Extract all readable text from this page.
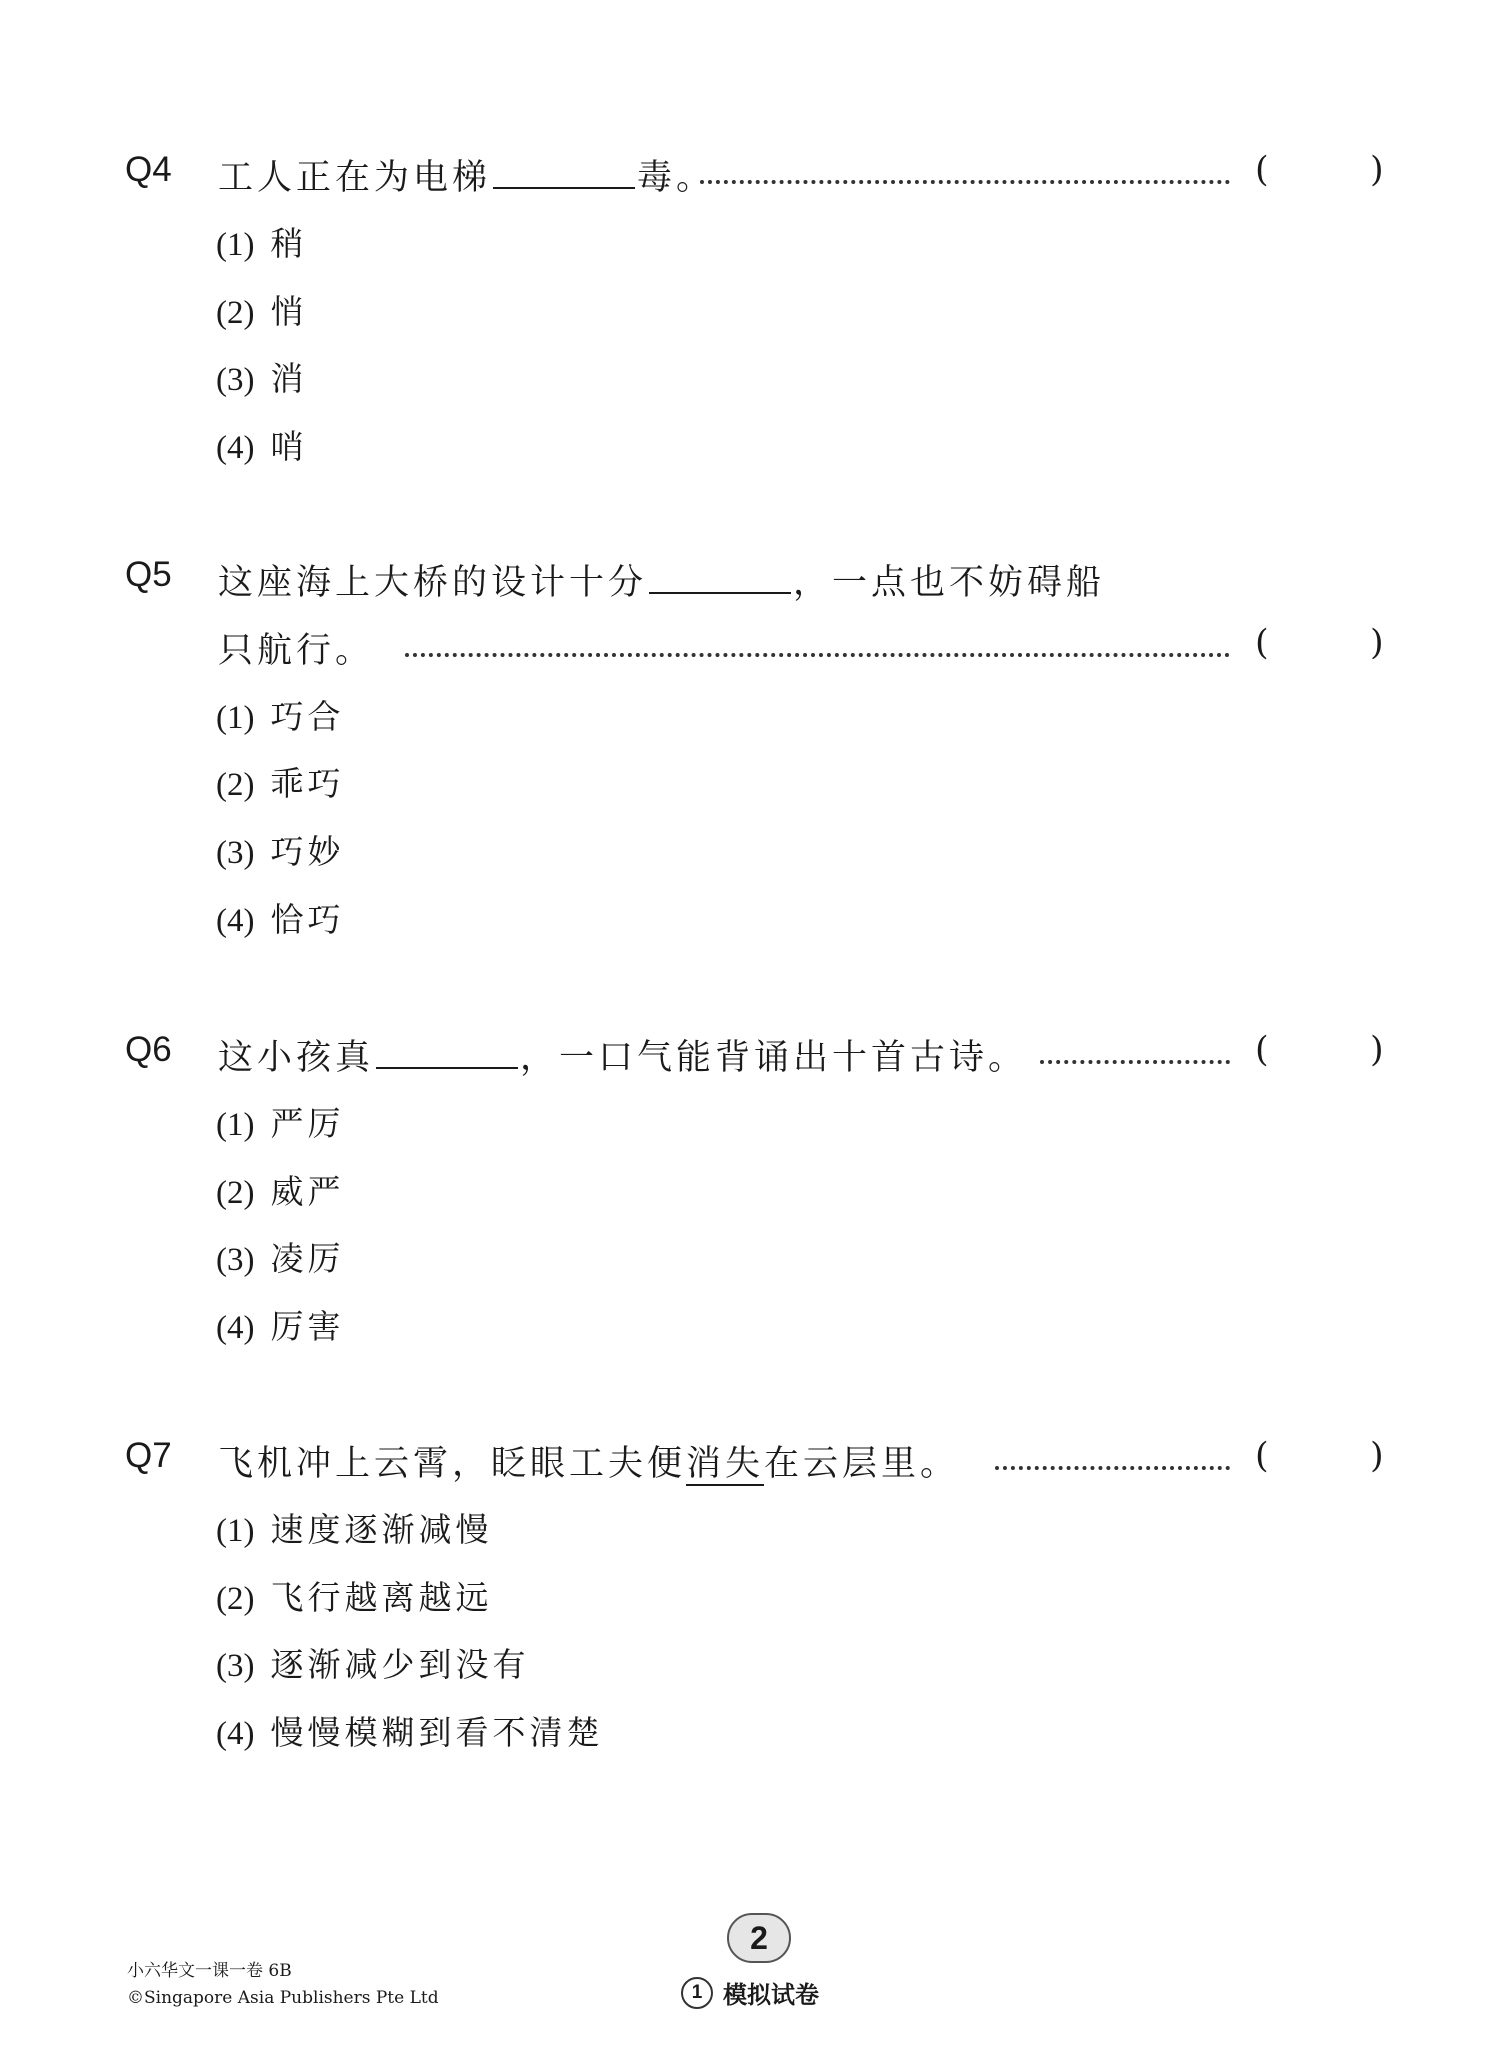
Q4 工人正在为电梯	毒。	(	)
(1) 稍
(2) 悄
(3) 消
(4) 哨
Q5 这座海上大桥的设计十分	，一点也不妨碍船
只航行。	(	)
(1) 巧合
(2) 乖巧
(3) 巧妙
(4) 恰巧
Q6 这小孩真	，一口气能背诵出十首古诗。	(	)
(1) 严厉
(2) 威严
(3) 凌厉
(4) 厉害
Q7 飞机冲上云霄，眨眼工夫便消失在云层里。	(	)
(1) 速度逐渐减慢
(2) 飞行越离越远
(3) 逐渐减少到没有
(4) 慢慢模糊到看不清楚
小六华文一课一卷 6B
©Singapore Asia Publishers Pte Ltd
2
1 模拟试卷
